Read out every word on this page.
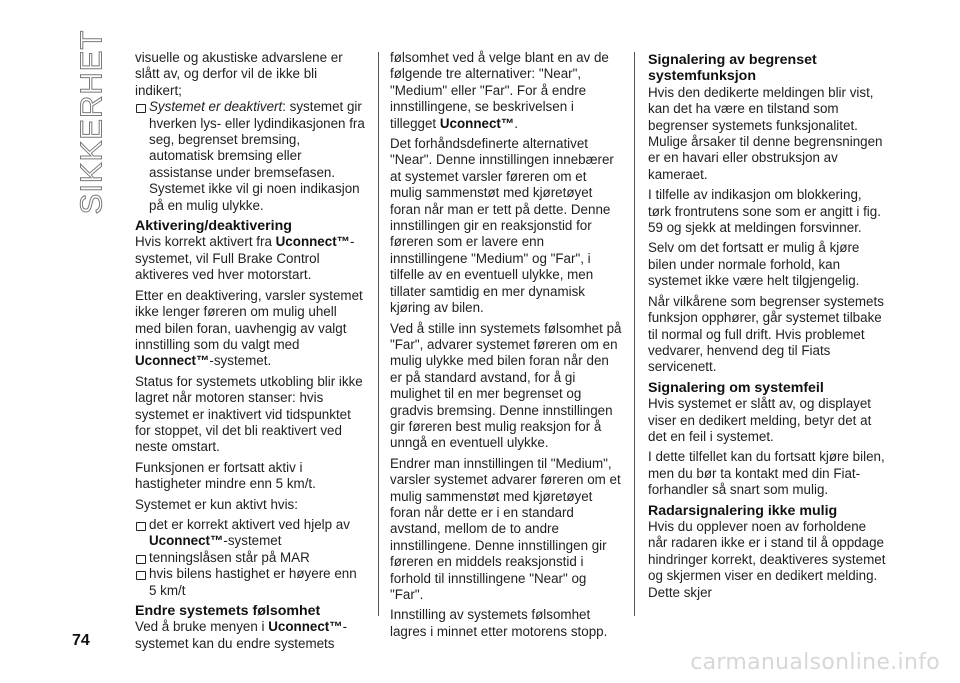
SIKKERHET visuelle og akustiske advarslene er slått av, og derfor vil de ikke bli indikert;

Systemet er deaktivert: systemet gir hverken lys- eller lydindikasjonen fra seg, begrenset bremsing, automatisk bremsing eller assistanse under bremsefasen. Systemet ikke vil gi noen indikasjon på en mulig ulykke.

Aktivering/deaktivering

Hvis korrekt aktivert fra Uconnect™-systemet, vil Full Brake Control aktiveres ved hver motorstart.

Etter en deaktivering, varsler systemet ikke lenger føreren om mulig uhell med bilen foran, uavhengig av valgt innstilling som du valgt med Uconnect™-systemet.

Status for systemets utkobling blir ikke lagret når motoren stanser: hvis systemet er inaktivert vid tidspunktet for stoppet, vil det bli reaktivert ved neste omstart.

Funksjonen er fortsatt aktiv i hastigheter mindre enn 5 km/t.

Systemet er kun aktivt hvis:

det er korrekt aktivert ved hjelp av Uconnect™-systemet

tenningslåsen står på MAR

hvis bilens hastighet er høyere enn 5 km/t

Endre systemets følsomhet

Ved å bruke menyen i Uconnect™-systemet kan du endre systemets

følsomhet ved å velge blant en av de følgende tre alternativer: "Near", "Medium" eller "Far". For å endre innstillingene, se beskrivelsen i tillegget Uconnect™.

Det forhåndsdefinerte alternativet "Near". Denne innstillingen innebærer at systemet varsler føreren om et mulig sammenstøt med kjøretøyet foran når man er tett på dette. Denne innstillingen gir en reaksjonstid for føreren som er lavere enn innstillingene "Medium" og "Far", i tilfelle av en eventuell ulykke, men tillater samtidig en mer dynamisk kjøring av bilen.

Ved å stille inn systemets følsomhet på "Far", advarer systemet føreren om en mulig ulykke med bilen foran når den er på standard avstand, for å gi mulighet til en mer begrenset og gradvis bremsing. Denne innstillingen gir føreren best mulig reaksjon for å unngå en eventuell ulykke.

Endrer man innstillingen til "Medium", varsler systemet advarer føreren om et mulig sammenstøt med kjøretøyet foran når dette er i en standard avstand, mellom de to andre innstillingene. Denne innstillingen gir føreren en middels reaksjonstid i forhold til innstillingene "Near" og "Far".

Innstilling av systemets følsomhet lagres i minnet etter motorens stopp.

Signalering av begrenset systemfunksjon

Hvis den dedikerte meldingen blir vist, kan det ha være en tilstand som begrenser systemets funksjonalitet. Mulige årsaker til denne begrensningen er en havari eller obstruksjon av kameraet.

I tilfelle av indikasjon om blokkering, tørk frontrutens sone som er angitt i fig. 59 og sjekk at meldingen forsvinner.

Selv om det fortsatt er mulig å kjøre bilen under normale forhold, kan systemet ikke være helt tilgjengelig.

Når vilkårene som begrenser systemets funksjon opphører, går systemet tilbake til normal og full drift. Hvis problemet vedvarer, henvend deg til Fiats servicenett.

Signalering om systemfeil

Hvis systemet er slått av, og displayet viser en dedikert melding, betyr det at det en feil i systemet.

I dette tilfellet kan du fortsatt kjøre bilen, men du bør ta kontakt med din Fiat-forhandler så snart som mulig.

Radarsignalering ikke mulig

Hvis du opplever noen av forholdene når radaren ikke er i stand til å oppdage hindringer korrekt, deaktiveres systemet og skjermen viser en dedikert melding. Dette skjer

74
carmanualsonline.info
